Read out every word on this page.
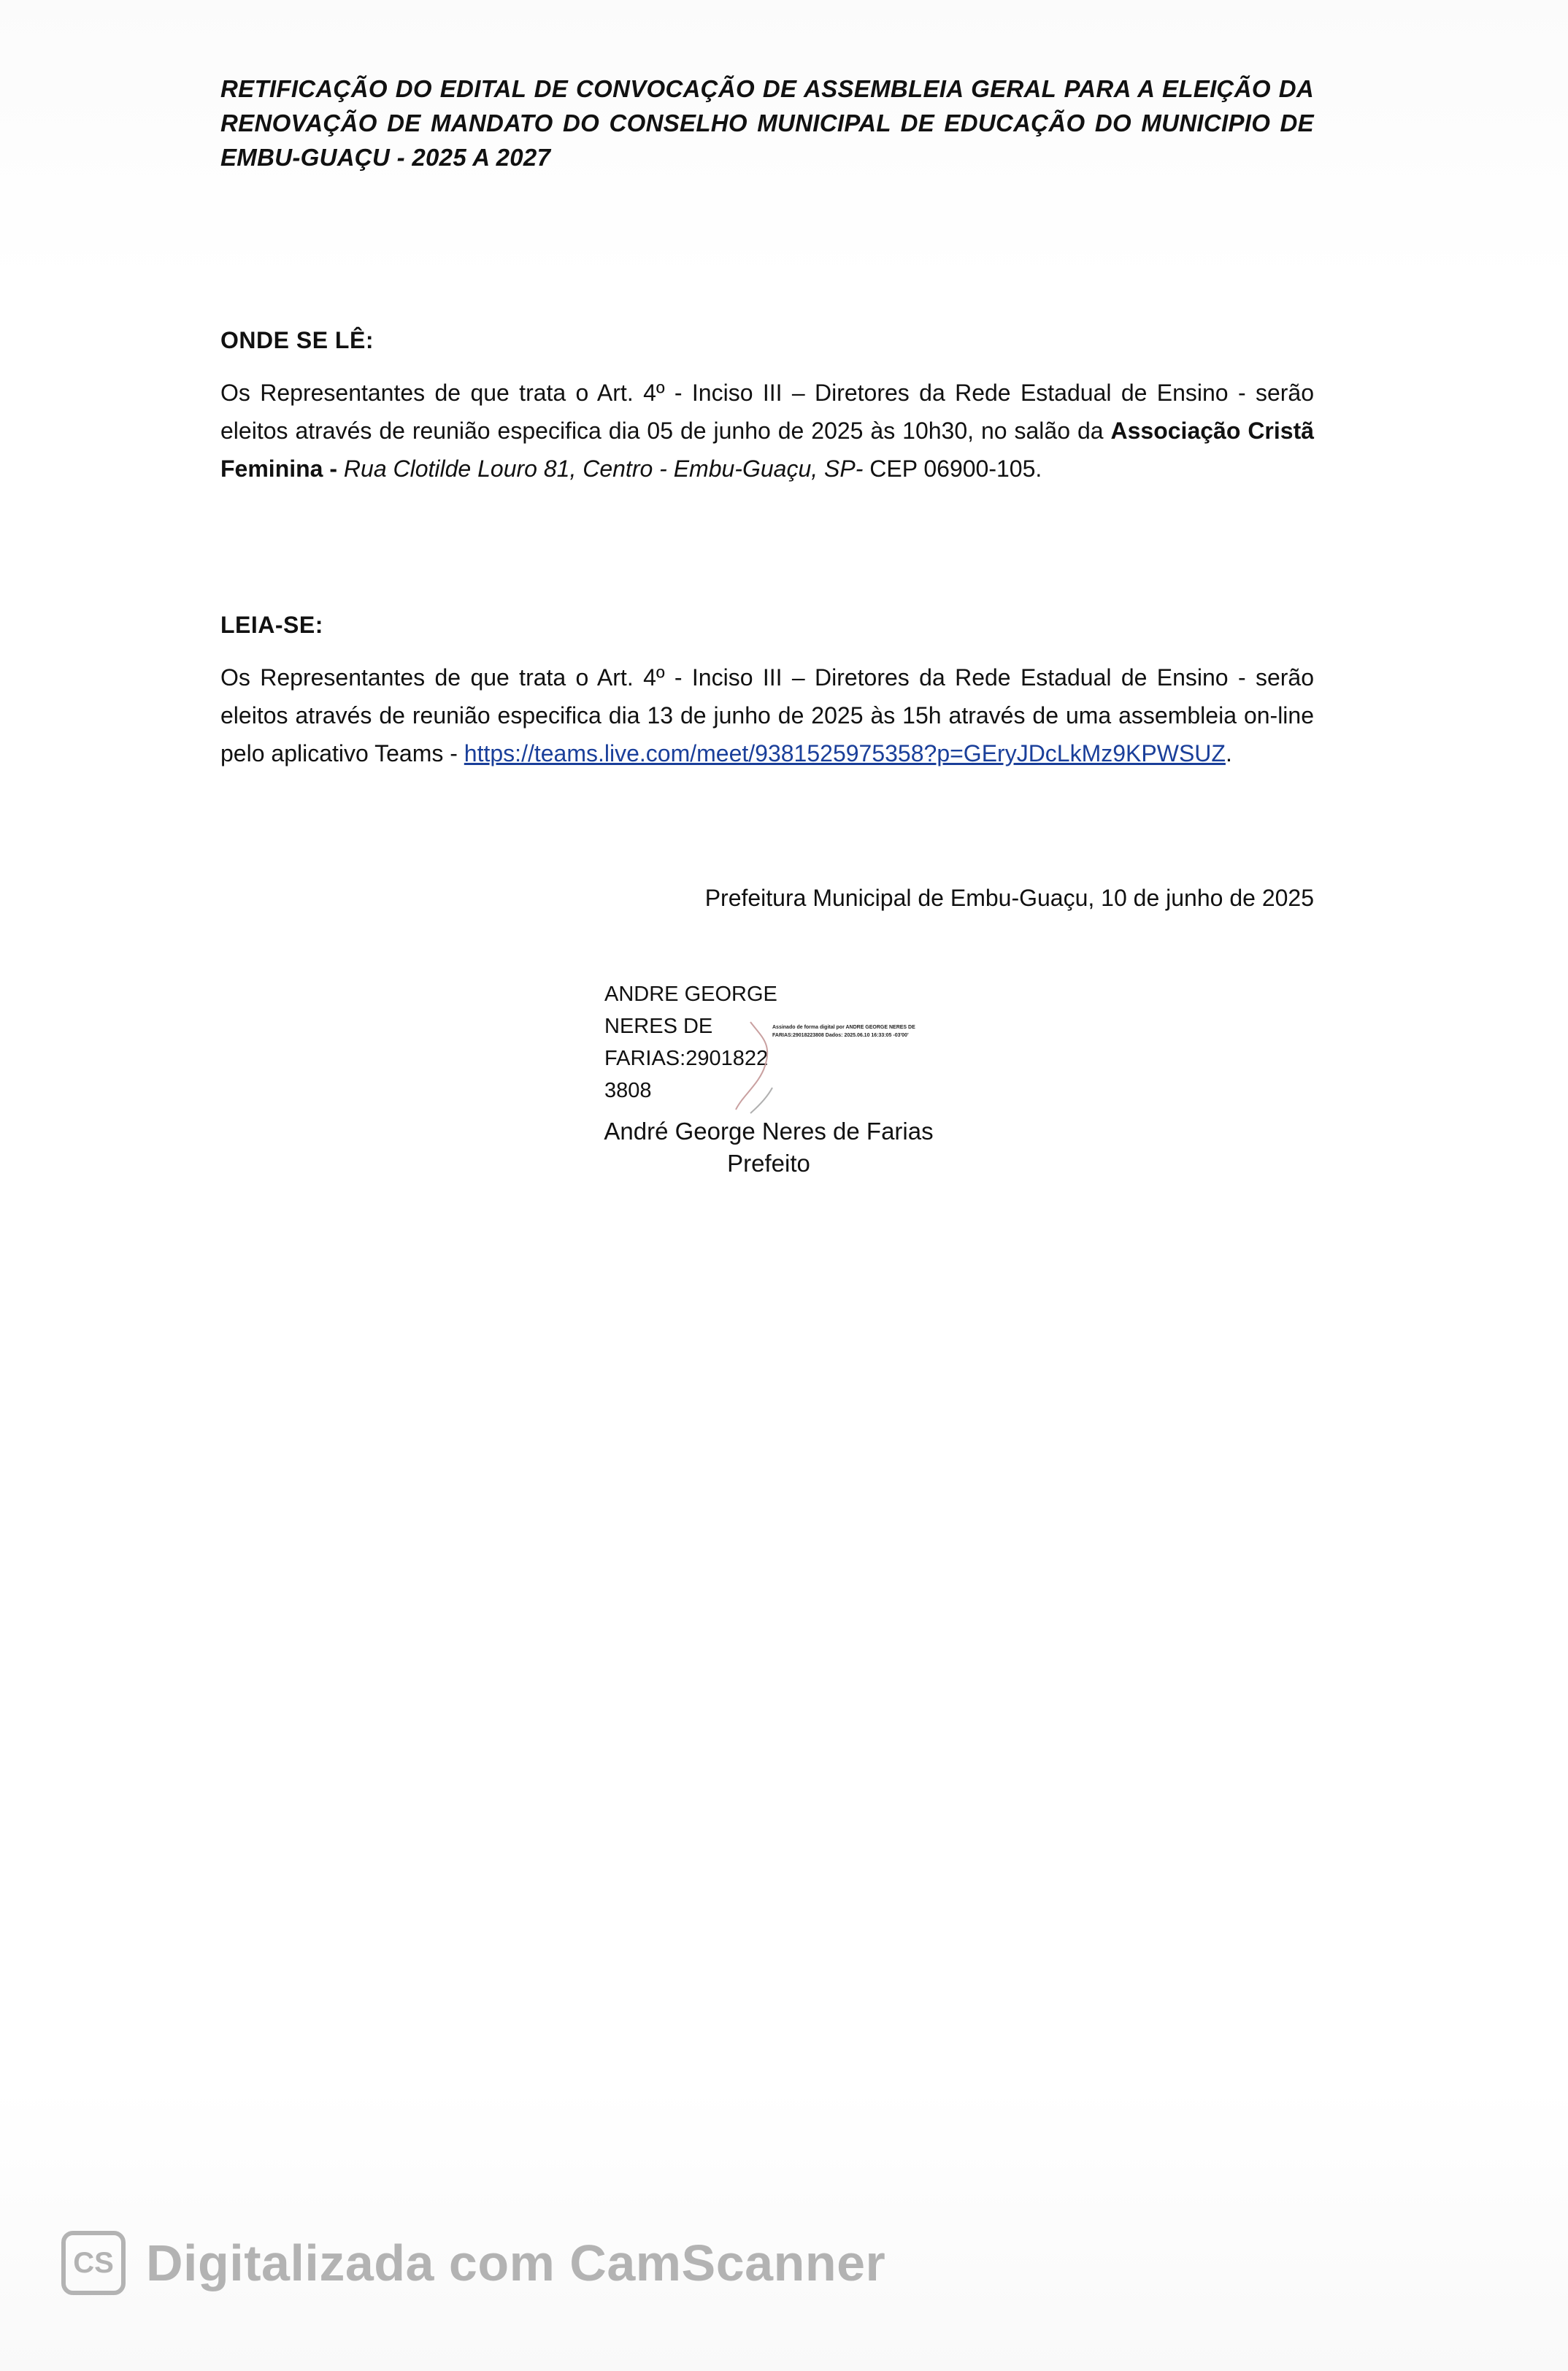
RETIFICAÇÃO DO EDITAL DE CONVOCAÇÃO DE ASSEMBLEIA GERAL PARA A ELEIÇÃO DA RENOVAÇÃO DE MANDATO DO CONSELHO MUNICIPAL DE EDUCAÇÃO DO MUNICIPIO DE EMBU-GUAÇU - 2025 A 2027
ONDE SE LÊ:
Os Representantes de que trata o Art. 4º - Inciso III – Diretores da Rede Estadual de Ensino - serão eleitos através de reunião especifica dia 05 de junho de 2025 às 10h30, no salão da Associação Cristã Feminina - Rua Clotilde Louro 81, Centro - Embu-Guaçu, SP- CEP 06900-105.
LEIA-SE:
Os Representantes de que trata o Art. 4º - Inciso III – Diretores da Rede Estadual de Ensino - serão eleitos através de reunião especifica dia 13 de junho de 2025 às 15h através de uma assembleia on-line pelo aplicativo Teams - https://teams.live.com/meet/9381525975358?p=GEryJDcLkMz9KPWSUZ.
Prefeitura Municipal de Embu-Guaçu, 10 de junho de 2025
ANDRE GEORGE
NERES DE
FARIAS:2901822
3808
Assinado de forma digital por ANDRE GEORGE NERES DE FARIAS:29018223808 Dados: 2025.06.10 16:33:05 -03'00'
André George Neres de Farias
Prefeito
CS Digitalizada com CamScanner
